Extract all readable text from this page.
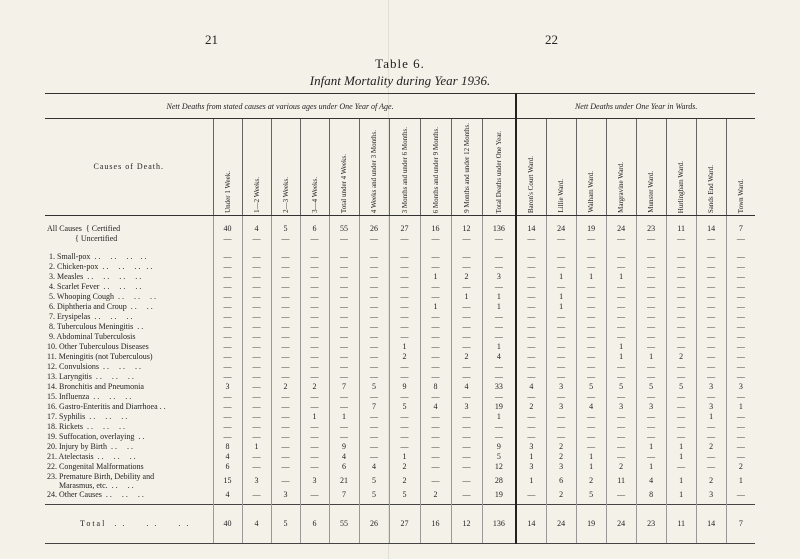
21	22
Table 6.
Infant Mortality during Year 1936.
Nett Deaths from stated causes at various ages under One Year of Age.											Nett Deaths under One Year in Wards.							
Causes of Death.	Under 1 Week.	1—2 Weeks.	2—3 Weeks.	3—4 Weeks.	Total under 4 Weeks.	4 Weeks and under 3 Months.	3 Months and under 6 Months.	6 Months and under 9 Months.	9 Months and under 12 Months.	Total Deaths under One Year.	Baron's Court Ward.	Lillie Ward.	Walham Ward.	Margravine Ward.	Munster Ward.	Hurlingham Ward.	Sands End Ward.	Town Ward.

All Causes  { Certified	40	4	5	6	55	26	27	16	12	136	14	24	19	24	23	11	14	7
{ Uncertified	—	—	—	—	—	—	—	—	—	—	—	—	—	—	—	—	—	—

1. Small-pox  . .     . .     . .    . .	—	—	—	—	—	—	—	—	—	—	—	—	—	—	—	—	—	—
2. Chicken-pox  . .     . .     . .   . .	—	—	—	—	—	—	—	—	—	—	—	—	—	—	—	—	—	—
3. Measles  . .     . .     . .     . .	—	—	—	—	—	—	—	1	2	3	—	1	1	1	—	—	—	—
4. Scarlet Fever  . .     . .     . .	—	—	—	—	—	—	—	—	—	—	—	—	—	—	—	—	—	—
5. Whooping Cough  . .     . .     . .	—	—	—	—	—	—	—	—	1	1	—	1	—	—	—	—	—	—
6. Diphtheria and Croup  . .     . .	—	—	—	—	—	—	—	1	—	1	—	1	—	—	—	—	—	—
7. Erysipelas  . .     . .     . .	—	—	—	—	—	—	—	—	—	—	—	—	—	—	—	—	—	—
8. Tuberculous Meningitis  . .	—	—	—	—	—	—	—	—	—	—	—	—	—	—	—	—	—	—
9. Abdominal Tuberculosis	—	—	—	—	—	—	—	—	—	—	—	—	—	—	—	—	—	—
10. Other Tuberculous Diseases	—	—	—	—	—	—	1	—	—	1	—	—	—	1	—	—	—	—
11. Meningitis (not Tuberculous)	—	—	—	—	—	—	2	—	2	4	—	—	—	1	1	2	—	—
12. Convulsions  . .     . .     . .	—	—	—	—	—	—	—	—	—	—	—	—	—	—	—	—	—	—
13. Laryngitis  . .     . .     . .	—	—	—	—	—	—	—	—	—	—	—	—	—	—	—	—	—	—
14. Bronchitis and Pneumonia	3	—	2	2	7	5	9	8	4	33	4	3	5	5	5	5	3	3
15. Influenza  . .     . .     . .	—	—	—	—	—	—	—	—	—	—	—	—	—	—	—	—	—	—
16. Gastro-Enteritis and Diarrhoea . .	—	—	—	—	—	7	5	4	3	19	2	3	4	3	3	—	3	1
17. Syphilis  . .     . .     . .	—	—	—	1	1	—	—	—	—	1	—	—	—	—	—	—	1	—
18. Rickets  . .     . .     . .	—	—	—	—	—	—	—	—	—	—	—	—	—	—	—	—	—	—
19. Suffocation, overlaying  . .	—	—	—	—	—	—	—	—	—	—	—	—	—	—	—	—	—	—
20. Injury by Birth  . .     . .	8	1	—	—	9	—	—	—	—	9	3	2	—	—	1	1	2	—
21. Atelectasis  . .     . .     . .	4	—	—	—	4	—	1	—	—	5	1	2	1	—	—	1	—	—
22. Congenital Malformations	6	—	—	—	6	4	2	—	—	12	3	3	1	2	1	—	—	2
23. Premature Birth, Debility and
Marasmus, etc.  . .     . .	15	3	—	3	21	5	2	—	—	28	1	6	2	11	4	1	2	1
24. Other Causes  . .     . .     . .	4	—	3	—	7	5	5	2	—	19	—	2	5	—	8	1	3	—

Total  . .     . .     . .	40	4	5	6	55	26	27	16	12	136	14	24	19	24	23	11	14	7
